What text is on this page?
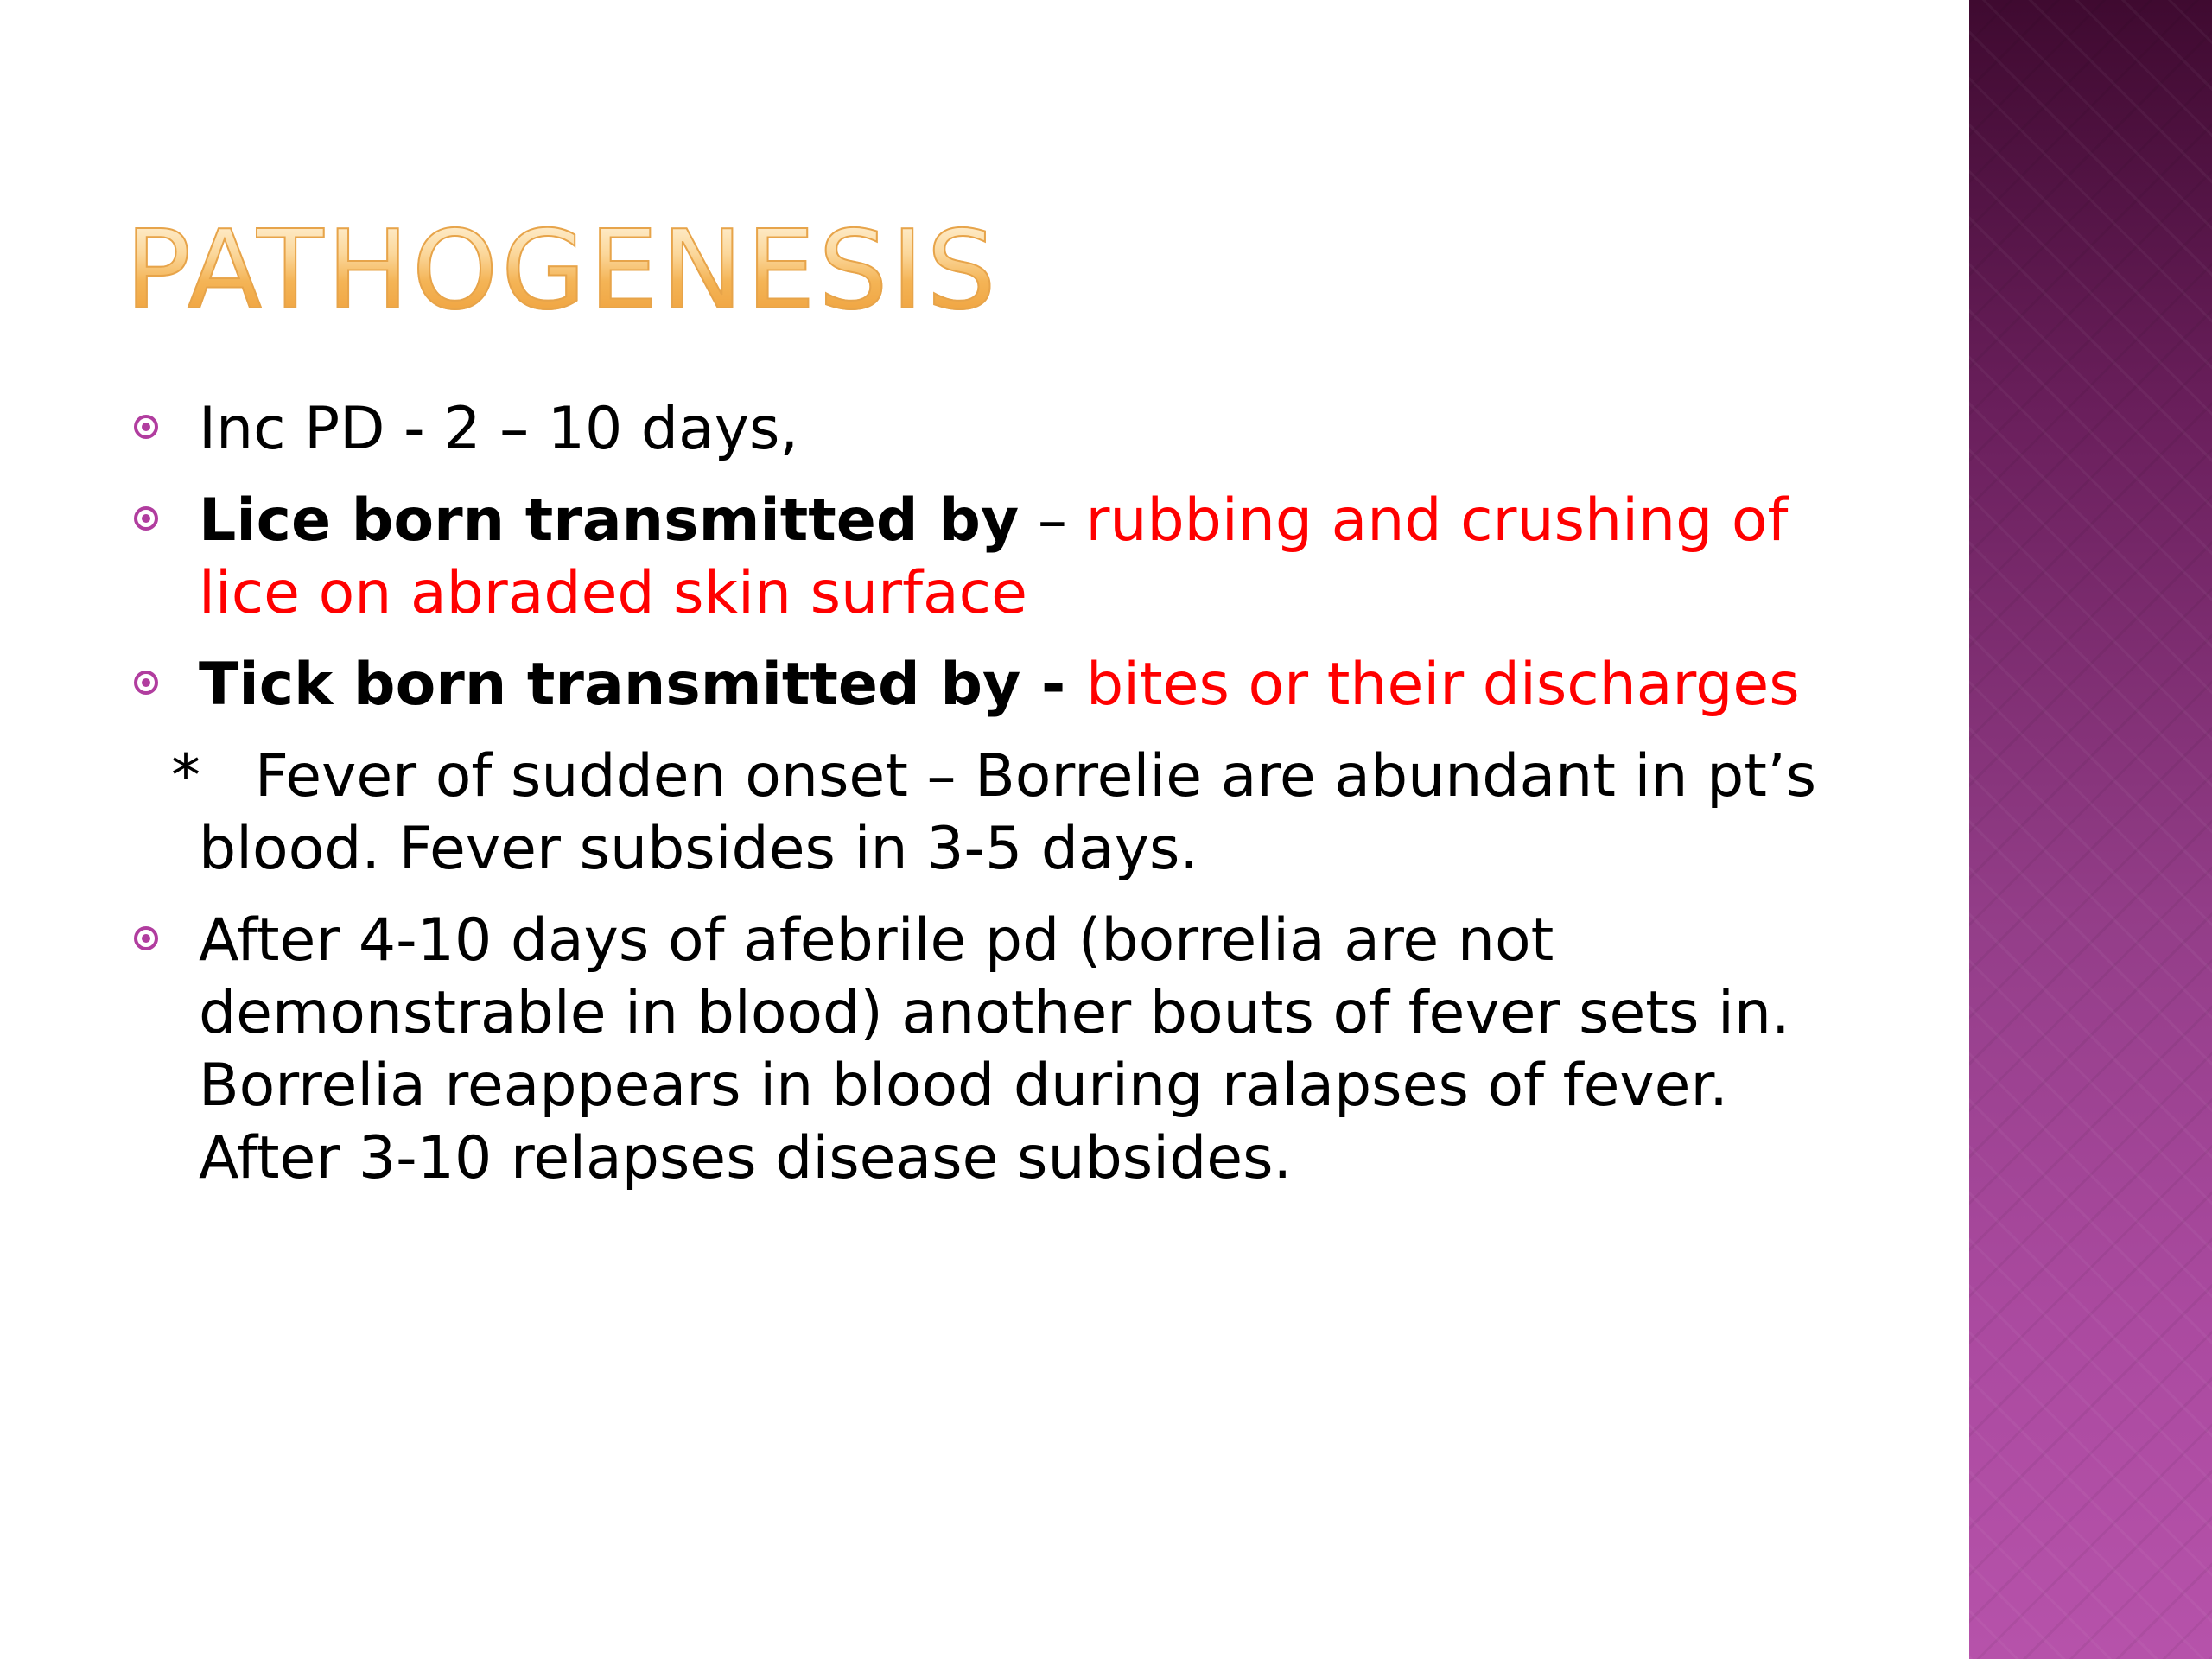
PATHOGENESIS
Inc PD - 2 – 10 days,
Lice born transmitted by – rubbing and crushing of lice on abraded skin surface
Tick born transmitted by - bites or their discharges
*   Fever of sudden onset – Borrelie are abundant in pt’s blood. Fever subsides in 3-5 days.
After 4-10 days of afebrile pd (borrelia are not demonstrable in blood) another bouts of fever sets in. Borrelia reappears in blood during ralapses of fever. After 3-10 relapses disease subsides.
